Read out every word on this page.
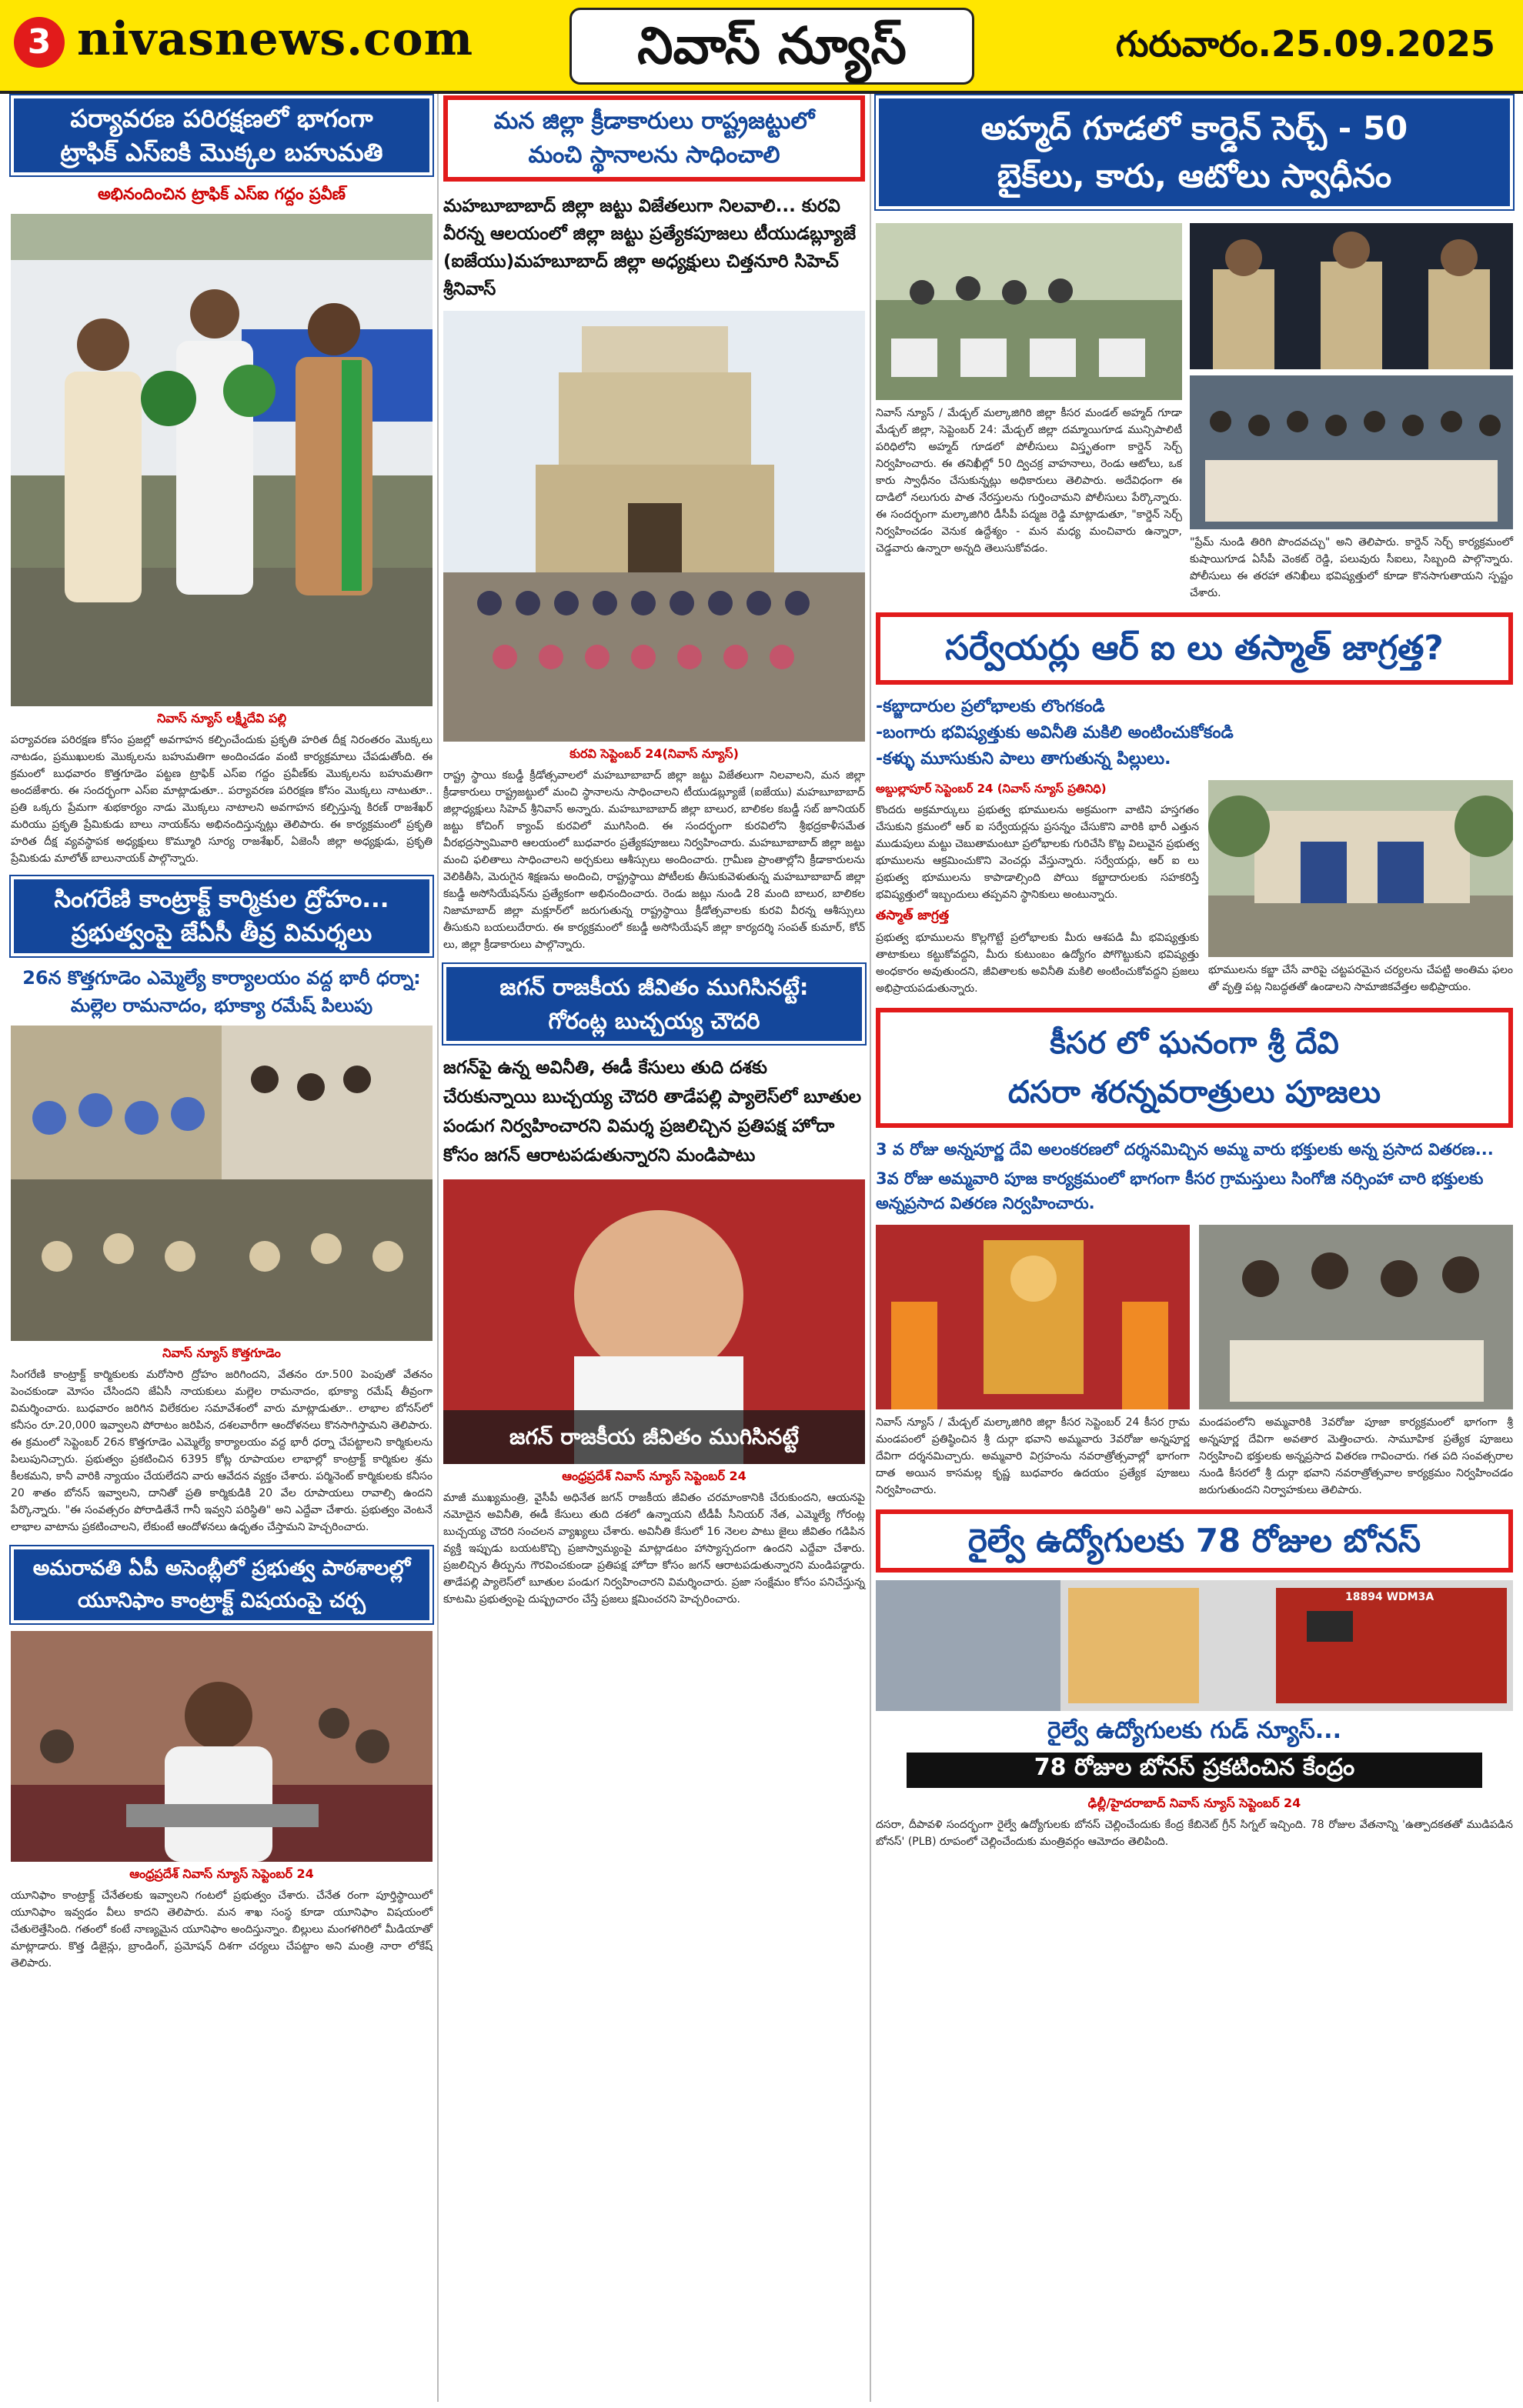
3 nivasnews.com	నివాస్ న్యూస్	గురువారం.25.09.2025
పర్యావరణ పరిరక్షణలో భాగంగా
ట్రాఫిక్ ఎస్ఐకి మొక్కల బహుమతి
అభినందించిన ట్రాఫిక్ ఎస్ఐ గద్దం ప్రవీణ్
నివాస్ న్యూస్ లక్ష్మీదేవి పల్లి

పర్యావరణ పరిరక్షణ కోసం ప్రజల్లో అవగాహన కల్పించేందుకు ప్రకృతి హరిత దీక్ష నిరంతరం మొక్కలు నాటడం, ప్రముఖులకు మొక్కలను బహుమతిగా అందించడం వంటి కార్యక్రమాలు చేపడుతోంది. ఈ క్రమంలో బుధవారం కొత్తగూడెం పట్టణ ట్రాఫిక్ ఎస్ఐ గద్దం ప్రవీణ్‌కు మొక్కలను బహుమతిగా అందజేశారు. ఈ సందర్భంగా ఎస్ఐ మాట్లాడుతూ.. పర్యావరణ పరిరక్షణ కోసం మొక్కలు నాటుతూ.. ప్రతి ఒక్కరు ప్రేమగా శుభకార్యం నాడు మొక్కలు నాటాలని అవగాహన కల్పిస్తున్న కిరణ్ రాజశేఖర్ మరియు ప్రకృతి ప్రేమికుడు బాలు నాయక్‌ను అభినందిస్తున్నట్లు తెలిపారు. ఈ కార్యక్రమంలో ప్రకృతి హరిత దీక్ష వ్యవస్థాపక అధ్యక్షులు కొమ్మూరి సూర్య రాజశేఖర్, ఏజెంసీ జిల్లా అధ్యక్షుడు, ప్రకృతి ప్రేమికుడు మాలోత్ బాలునాయక్ పాల్గొన్నారు.

సింగరేణి కాంట్రాక్ట్ కార్మికుల ద్రోహం...
ప్రభుత్వంపై జేఏసీ తీవ్ర విమర్శలు
26న కొత్తగూడెం ఎమ్మెల్యే కార్యాలయం వద్ద భారీ ధర్నా: మల్లెల రామనాదం, భూక్యా రమేష్ పిలుపు
నివాస్ న్యూస్ కొత్తగూడెం

సింగరేణి కాంట్రాక్ట్ కార్మికులకు మరోసారి ద్రోహం జరిగిందని, వేతనం రూ.500 పెంపుతో వేతనం పెంచకుండా మోసం చేసిందని జేఏసీ నాయకులు మల్లెల రామనాదం, భూక్యా రమేష్ తీవ్రంగా విమర్శించారు. బుధవారం జరిగిన విలేకరుల సమావేశంలో వారు మాట్లాడుతూ.. లాభాల బోనస్‌లో కనీసం రూ.20,000 ఇవ్వాలని పోరాటం జరిపిన, దశలవారీగా ఆందోళనలు కొనసాగిస్తామని తెలిపారు. ఈ క్రమంలో సెప్టెంబర్ 26న కొత్తగూడెం ఎమ్మెల్యే కార్యాలయం వద్ద భారీ ధర్నా చేపట్టాలని కార్మికులను పిలుపునిచ్చారు. ప్రభుత్వం ప్రకటించిన 6395 కోట్ల రూపాయల లాభాల్లో కాంట్రాక్ట్ కార్మికుల శ్రమ కీలకమని, కానీ వారికి న్యాయం చేయలేదని వారు ఆవేదన వ్యక్తం చేశారు. పర్మినెంట్ కార్మికులకు కనీసం 20 శాతం బోనస్ ఇవ్వాలని, దానితో ప్రతి కార్మికుడికి 20 వేల రూపాయలు రావాల్సి ఉందని పేర్కొన్నారు. "ఈ సంవత్సరం పోరాడితేనే గానీ ఇవ్వని పరిస్థితి" అని ఎద్దేవా చేశారు. ప్రభుత్వం వెంటనే లాభాల వాటాను ప్రకటించాలని, లేకుంటే ఆందోళనలు ఉధృతం చేస్తామని హెచ్చరించారు.

అమరావతి ఏపీ అసెంబ్లీలో ప్రభుత్వ పాఠశాలల్లో
యూనిఫాం కాంట్రాక్ట్ విషయంపై చర్చ
ఆంధ్రప్రదేశ్ నివాస్ న్యూస్ సెప్టెంబర్ 24

యూనిఫాం కాంట్రాక్ట్ చేనేతలకు ఇవ్వాలని గంటలో ప్రభుత్వం చేశారు. చేనేత రంగా పూర్తిస్థాయిలో యూనిఫాం ఇవ్వడం వీలు కాదని తెలిపారు. మన శాఖ సంస్థ కూడా యూనిఫాం విషయంలో చేతులెత్తేసింది. గతంలో కంటే నాణ్యమైన యూనిఫాం అందిస్తున్నాం. బిల్లులు మంగళగిరిలో మీడియాతో మాట్లాడారు. కొత్త డిజైన్లు, బ్రాండింగ్, ప్రమోషన్ దిశగా చర్యలు చేపట్టాం అని మంత్రి నారా లోకేష్ తెలిపారు.

మన జిల్లా క్రీడాకారులు రాష్ట్రజట్టులో
మంచి స్థానాలను సాధించాలి

మహబూబాబాద్ జిల్లా జట్టు విజేతలుగా నిలవాలి... కురవి వీరన్న ఆలయంలో జిల్లా జట్టు ప్రత్యేకపూజలు టీయుడబ్ల్యూజే (ఐజేయు)మహబూబాద్ జిల్లా అధ్యక్షులు చిత్తనూరి సిహెచ్ శ్రీనివాస్

కురవి సెప్టెంబర్ 24(నివాస్ న్యూస్)

రాష్ట్ర స్థాయి కబడ్డీ క్రీడోత్సవాలలో మహబూబాబాద్ జిల్లా జట్టు విజేతలుగా నిలవాలని, మన జిల్లా క్రీడాకారులు రాష్ట్రజట్టులో మంచి స్థానాలను సాధించాలని టీయుడబ్ల్యూజే (ఐజేయు) మహబూబాబాద్ జిల్లాధ్యక్షులు సిహెచ్ శ్రీనివాస్ అన్నారు. మహబూబాబాద్ జిల్లా బాలుర, బాలికల కబడ్డీ సబ్ జూనియర్ జట్టు కోచింగ్ క్యాంప్ కురవిలో ముగిసింది. ఈ సందర్భంగా కురవిలోని శ్రీభద్రకాళీసమేత వీరభద్రస్వామివారి ఆలయంలో బుధవారం ప్రత్యేకపూజలు నిర్వహించారు. మహబూబాబాద్ జిల్లా జట్టు మంచి ఫలితాలు సాధించాలని అర్చకులు ఆశీస్సులు అందించారు. గ్రామీణ ప్రాంతాల్లోని క్రీడాకారులను వెలికితీసి, మెరుగైన శిక్షణను అందించి, రాష్ట్రస్థాయి పోటీలకు తీసుకువెళుతున్న మహబూబాబాద్ జిల్లా కబడ్డీ అసోసియేషన్‌ను ప్రత్యేకంగా అభినందించారు. రెండు జట్లు నుండి 28 మంది బాలుర, బాలికల నిజామాబాద్ జిల్లా మక్లూర్‌లో జరుగుతున్న రాష్ట్రస్థాయి క్రీడోత్సవాలకు కురవి వీరన్న ఆశీస్సులు తీసుకుని బయలుదేరారు. ఈ కార్యక్రమంలో కబడ్డీ అసోసియేషన్ జిల్లా కార్యదర్శి సంపత్ కుమార్, కోచ్ లు, జిల్లా క్రీడాకారులు పాల్గొన్నారు.

జగన్ రాజకీయ జీవితం ముగిసినట్టే:
గోరంట్ల బుచ్చయ్య చౌదరి

జగన్‌పై ఉన్న అవినీతి, ఈడీ కేసులు తుది దశకు చేరుకున్నాయి బుచ్చయ్య చౌదరి తాడేపల్లి ప్యాలెస్‌లో బూతుల పండుగ నిర్వహించారని విమర్శ ప్రజలిచ్చిన ప్రతిపక్ష హోదా కోసం జగన్ ఆరాటపడుతున్నారని మండిపాటు

జగన్ రాజకీయ జీవితం ముగిసినట్టే
ఆంధ్రప్రదేశ్ నివాస్ న్యూస్ సెప్టెంబర్ 24

మాజీ ముఖ్యమంత్రి, వైసీపీ అధినేత జగన్ రాజకీయ జీవితం చరమాంకానికి చేరుకుందని, ఆయనపై నమోదైన అవినీతి, ఈడీ కేసులు తుది దశలో ఉన్నాయని టీడీపీ సీనియర్ నేత, ఎమ్మెల్యే గోరంట్ల బుచ్చయ్య చౌదరి సంచలన వ్యాఖ్యలు చేశారు. అవినీతి కేసులో 16 నెలల పాటు జైలు జీవితం గడిపిన వ్యక్తి ఇప్పుడు బయటకొచ్చి ప్రజాస్వామ్యంపై మాట్లాడటం హాస్యాస్పదంగా ఉందని ఎద్దేవా చేశారు. ప్రజలిచ్చిన తీర్పును గౌరవించకుండా ప్రతిపక్ష హోదా కోసం జగన్ ఆరాటపడుతున్నారని మండిపడ్డారు. తాడేపల్లి ప్యాలెస్‌లో బూతుల పండుగ నిర్వహించారని విమర్శించారు. ప్రజా సంక్షేమం కోసం పనిచేస్తున్న కూటమి ప్రభుత్వంపై దుష్ప్రచారం చేస్తే ప్రజలు క్షమించరని హెచ్చరించారు.

అహ్మద్ గూడలో కార్డెన్ సెర్చ్ - 50
బైక్‌లు, కారు, ఆటోలు స్వాధీనం

నివాస్ న్యూస్ / మేడ్చల్ మల్కాజిగిరి జిల్లా కీసర మండల్ అహ్మద్ గూడా మేడ్చల్ జిల్లా, సెప్టెంబర్ 24: మేడ్చల్ జిల్లా దమ్మాయిగూడ మున్సిపాలిటీ పరిధిలోని అహ్మద్ గూడలో పోలీసులు విస్తృతంగా కార్డెన్ సెర్చ్ నిర్వహించారు. ఈ తనిఖీల్లో 50 ద్విచక్ర వాహనాలు, రెండు ఆటోలు, ఒక కారు స్వాధీనం చేసుకున్నట్లు అధికారులు తెలిపారు. అదేవిధంగా ఈ దాడిలో నలుగురు పాత నేరస్తులను గుర్తించామని పోలీసులు పేర్కొన్నారు. ఈ సందర్భంగా మల్కాజిగిరి డీసీపీ పద్మజ రెడ్డి మాట్లాడుతూ, "కార్డెన్ సెర్చ్ నిర్వహించడం వెనుక ఉద్దేశ్యం - మన మధ్య మంచివారు ఉన్నారా, చెడ్డవారు ఉన్నారా అన్నది తెలుసుకోవడం.	"ప్రేమ్ నుండి తిరిగి పొందవచ్చు" అని తెలిపారు. కార్డెన్ సెర్చ్ కార్యక్రమంలో కుషాయిగూడ ఏసీపీ వెంకట్ రెడ్డి, పలువురు సీఐలు, సిబ్బంది పాల్గొన్నారు. పోలీసులు ఈ తరహా తనిఖీలు భవిష్యత్తులో కూడా కొనసాగుతాయని స్పష్టం చేశారు.

సర్వేయర్లు ఆర్ ఐ లు తస్మాత్ జాగ్రత్త?
-కబ్జాదారుల ప్రలోభాలకు లొంగకండి
-బంగారు భవిష్యత్తుకు అవినీతి మకిలి అంటించుకోకండి
-కళ్ళు మూసుకుని పాలు తాగుతున్న పిల్లులు.
అబ్దుల్లాపూర్ సెప్టెంబర్ 24 (నివాస్ న్యూస్ ప్రతినిధి)

కొందరు అక్రమార్కులు ప్రభుత్వ భూములను అక్రమంగా వాటిని హస్తగతం చేసుకుని క్రమంలో ఆర్ ఐ సర్వేయర్లను ప్రసన్నం చేసుకొని వారికి భారీ ఎత్తున ముడుపులు మట్టు చెబుతామంటూ ప్రలోభాలకు గురిచేసి కొట్ల విలువైన ప్రభుత్వ భూములను ఆక్రమించుకొని వెంచర్లు వేస్తున్నారు. సర్వేయర్లు, ఆర్ ఐ లు ప్రభుత్వ భూములను కాపాడాల్సింది పోయి కబ్జాదారులకు సహకరిస్తే భవిష్యత్తులో ఇబ్బందులు తప్పవని స్థానికులు అంటున్నారు.

తస్మాత్ జాగ్రత్త

ప్రభుత్వ భూములను కొల్లగొట్టే ప్రలోభాలకు మీరు ఆశపడి మీ భవిష్యత్తుకు తాటాకులు కట్టుకోవద్దని, మీరు కుటుంబం ఉద్యోగం పోగొట్టుకుని భవిష్యత్తు అంధకారం అవుతుందని, జీవితాలకు అవినీతి మకిలి అంటించుకోవద్దని ప్రజలు అభిప్రాయపడుతున్నారు.

భూములను కబ్జా చేసే వారిపై చట్టపరమైన చర్యలను చేపట్టి అంతిమ ఫలం తో వృత్తి పట్ల నిబద్ధతతో ఉండాలని సామాజికవేత్తల అభిప్రాయం.

కీసర లో ఘనంగా శ్రీ దేవి
దసరా శరన్నవరాత్రులు పూజలు

3 వ రోజు అన్నపూర్ణ దేవి అలంకరణలో దర్శనమిచ్చిన అమ్మ వారు భక్తులకు అన్న ప్రసాద వితరణ...

3వ రోజు అమ్మవారి పూజ కార్యక్రమంలో భాగంగా కీసర గ్రామస్తులు సింగోజి నర్సింహా చారి భక్తులకు అన్నప్రసాద వితరణ నిర్వహించారు.

నివాస్ న్యూస్ / మేడ్చల్ మల్కాజిగిరి జిల్లా కీసర సెప్టెంబర్ 24 కీసర గ్రామ మండపంలో ప్రతిష్ఠించిన శ్రీ దుర్గా భవాని అమ్మవారు 3వరోజు అన్నపూర్ణ దేవిగా దర్శనమిచ్చారు. అమ్మవారి విగ్రహంను నవరాత్రోత్సవాల్లో భాగంగా దాత అయిన కాసమల్ల కృష్ణ బుధవారం ఉదయం ప్రత్యేక పూజలు నిర్వహించారు.

మండపంలోని అమ్మవారికి 3వరోజు పూజా కార్యక్రమంలో భాగంగా శ్రీ అన్నపూర్ణ దేవిగా అవతార మెత్తించారు. సామూహిక ప్రత్యేక పూజలు నిర్వహించి భక్తులకు అన్నప్రసాద వితరణ గావించారు. గత పది సంవత్సరాల నుండి కీసరలో శ్రీ దుర్గా భవాని నవరాత్రోత్సవాల కార్యక్రమం నిర్వహించడం జరుగుతుందని నిర్వాహకులు తెలిపారు.

రైల్వే ఉద్యోగులకు 78 రోజుల బోనస్
18894 WDM3A
రైల్వే ఉద్యోగులకు గుడ్ న్యూస్...
78 రోజుల బోనస్ ప్రకటించిన కేంద్రం
ఢిల్లీ/హైదరాబాద్ నివాస్ న్యూస్ సెప్టెంబర్ 24

దసరా, దీపావళి సందర్భంగా రైల్వే ఉద్యోగులకు బోనస్ చెల్లించేందుకు కేంద్ర కేబినెట్ గ్రీన్ సిగ్నల్ ఇచ్చింది. 78 రోజుల వేతనాన్ని 'ఉత్పాదకతతో ముడిపడిన బోనస్' (PLB) రూపంలో చెల్లించేందుకు మంత్రివర్గం ఆమోదం తెలిపింది.
